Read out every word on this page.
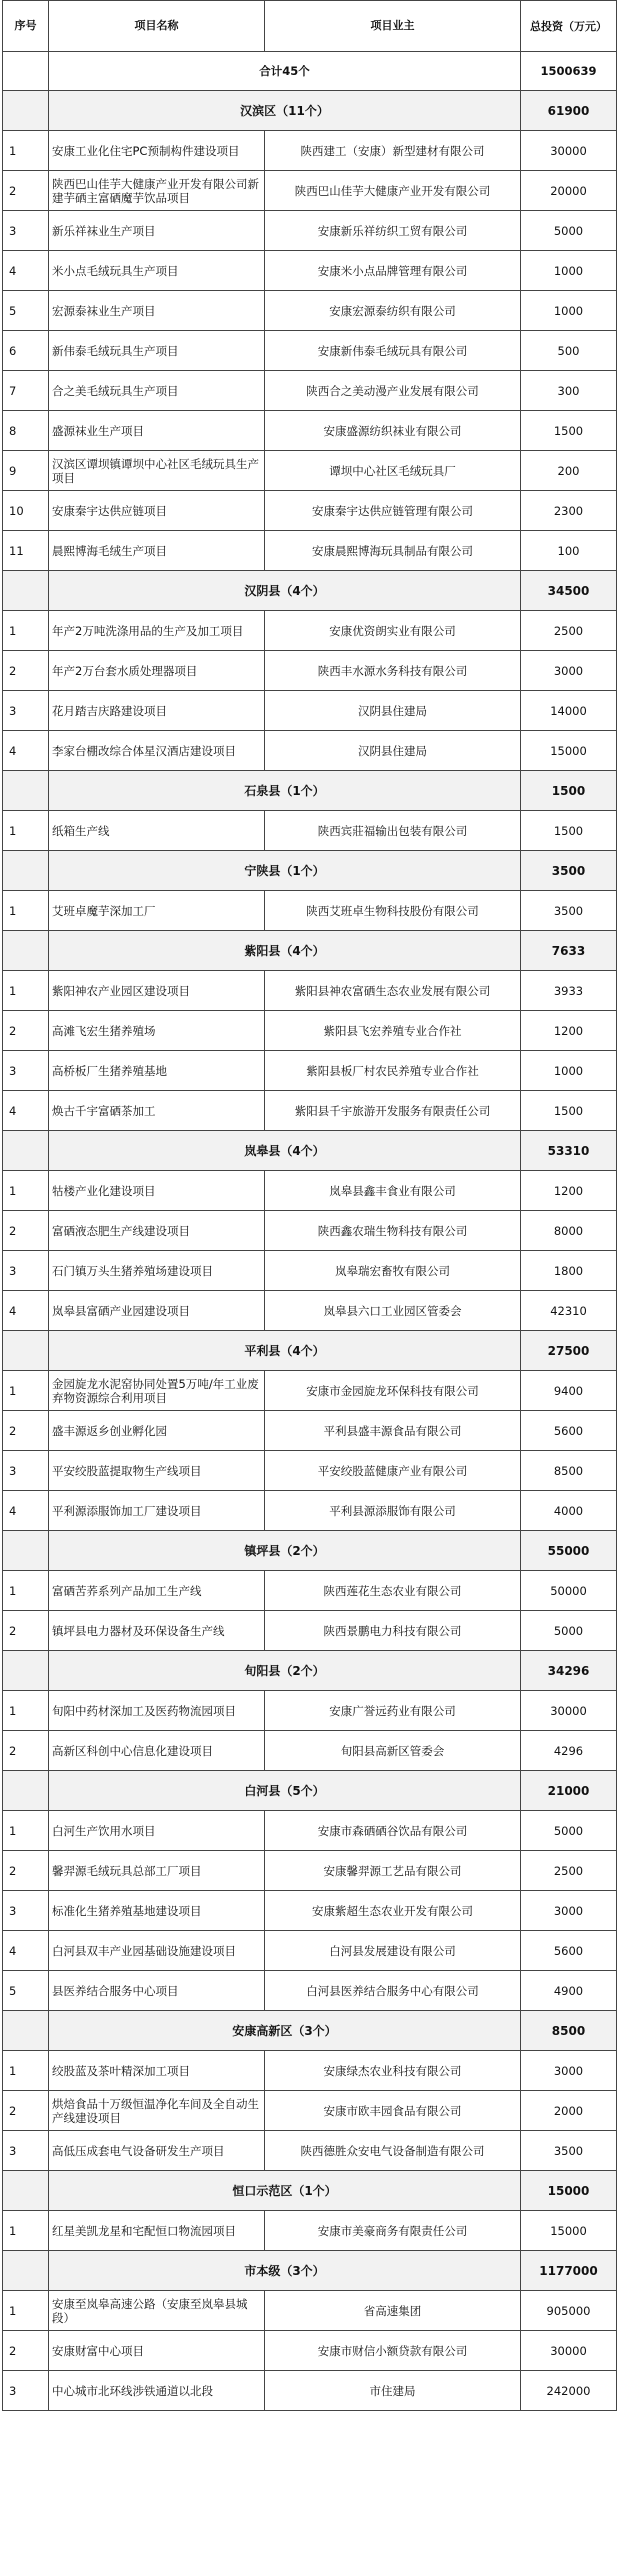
序号	项目名称	项目业主	总投资（万元）
	合计45个		1500639
	汉滨区（11个）		61900
1	安康工业化住宅PC预制构件建设项目	陕西建工（安康）新型建材有限公司	30000
2	陕西巴山佳芋大健康产业开发有限公司新建芋硒主富硒魔芋饮品项目	陕西巴山佳芋大健康产业开发有限公司	20000
3	新乐祥袜业生产项目	安康新乐祥纺织工贸有限公司	5000
4	米小点毛绒玩具生产项目	安康米小点品牌管理有限公司	1000
5	宏源泰袜业生产项目	安康宏源泰纺织有限公司	1000
6	新伟泰毛绒玩具生产项目	安康新伟泰毛绒玩具有限公司	500
7	合之美毛绒玩具生产项目	陕西合之美动漫产业发展有限公司	300
8	盛源袜业生产项目	安康盛源纺织袜业有限公司	1500
9	汉滨区谭坝镇谭坝中心社区毛绒玩具生产项目	谭坝中心社区毛绒玩具厂	200
10	安康秦宇达供应链项目	安康秦宇达供应链管理有限公司	2300
11	晨熙博海毛绒生产项目	安康晨熙博海玩具制品有限公司	100
	汉阴县（4个）		34500
1	年产2万吨洗涤用品的生产及加工项目	安康优资朗实业有限公司	2500
2	年产2万台套水质处理器项目	陕西丰水源水务科技有限公司	3000
3	花月踏吉庆路建设项目	汉阴县住建局	14000
4	李家台棚改综合体星汉酒店建设项目	汉阴县住建局	15000
	石泉县（1个）		1500
1	纸箱生产线	陕西宾莊福输出包装有限公司	1500
	宁陕县（1个）		3500
1	艾班卓魔芋深加工厂	陕西艾班卓生物科技股份有限公司	3500
	紫阳县（4个）		7633
1	紫阳神农产业园区建设项目	紫阳县神农富硒生态农业发展有限公司	3933
2	高滩飞宏生猪养殖场	紫阳县飞宏养殖专业合作社	1200
3	高桥板厂生猪养殖基地	紫阳县板厂村农民养殖专业合作社	1000
4	焕古千宇富硒茶加工	紫阳县千宇旅游开发服务有限责任公司	1500
	岚皋县（4个）		53310
1	牯楼产业化建设项目	岚皋县鑫丰食业有限公司	1200
2	富硒液态肥生产线建设项目	陕西鑫农瑞生物科技有限公司	8000
3	石门镇万头生猪养殖场建设项目	岚皋瑞宏畜牧有限公司	1800
4	岚皋县富硒产业园建设项目	岚皋县六口工业园区管委会	42310
	平利县（4个）		27500
1	金园旋龙水泥窑协同处置5万吨/年工业废弃物资源综合利用项目	安康市金园旋龙环保科技有限公司	9400
2	盛丰源返乡创业孵化园	平利县盛丰源食品有限公司	5600
3	平安绞股蓝提取物生产线项目	平安绞股蓝健康产业有限公司	8500
4	平利源添服饰加工厂建设项目	平利县源添服饰有限公司	4000
	镇坪县（2个）		55000
1	富硒苦荞系列产品加工生产线	陕西莲花生态农业有限公司	50000
2	镇坪县电力器材及环保设备生产线	陕西景鹏电力科技有限公司	5000
	旬阳县（2个）		34296
1	旬阳中药材深加工及医药物流园项目	安康广誉远药业有限公司	30000
2	高新区科创中心信息化建设项目	旬阳县高新区管委会	4296
	白河县（5个）		21000
1	白河生产饮用水项目	安康市森硒硒谷饮品有限公司	5000
2	馨羿源毛绒玩具总部工厂项目	安康馨羿源工艺品有限公司	2500
3	标准化生猪养殖基地建设项目	安康紫超生态农业开发有限公司	3000
4	白河县双丰产业园基础设施建设项目	白河县发展建设有限公司	5600
5	县医养结合服务中心项目	白河县医养结合服务中心有限公司	4900
	安康高新区（3个）		8500
1	绞股蓝及茶叶精深加工项目	安康绿杰农业科技有限公司	3000
2	烘焙食品十万级恒温净化车间及全自动生产线建设项目	安康市欧丰园食品有限公司	2000
3	高低压成套电气设备研发生产项目	陕西德胜众安电气设备制造有限公司	3500
	恒口示范区（1个）		15000
1	红星美凯龙星和宅配恒口物流园项目	安康市美豪商务有限责任公司	15000
	市本级（3个）		1177000
1	安康至岚皋高速公路（安康至岚皋县城段）	省高速集团	905000
2	安康财富中心项目	安康市财信小额贷款有限公司	30000
3	中心城市北环线涉铁通道以北段	市住建局	242000
